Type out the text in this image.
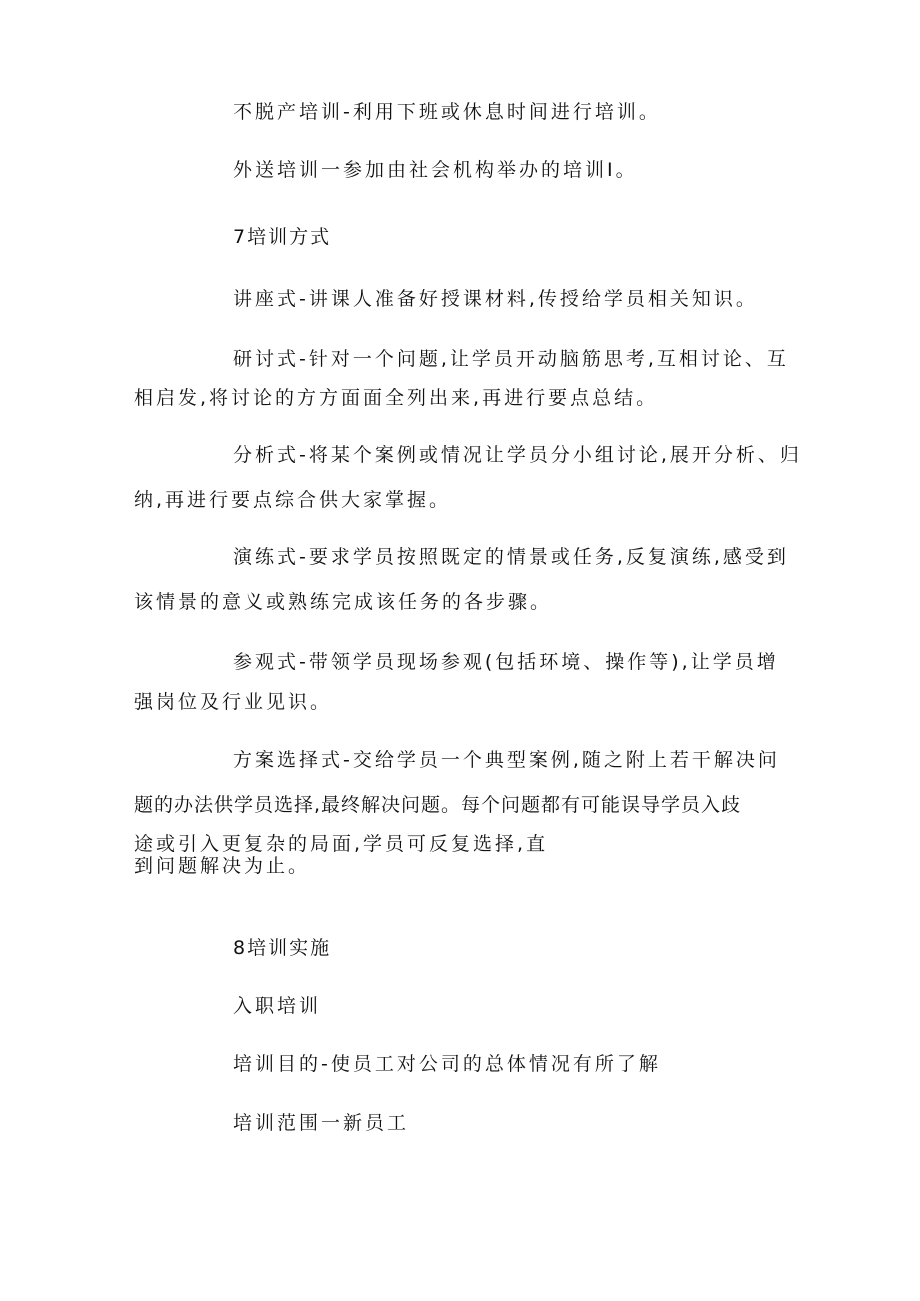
不脱产培训-利用下班或休息时间进行培训。
外送培训一参加由社会机构举办的培训I。
7培训方式
讲座式-讲课人准备好授课材料,传授给学员相关知识。
研讨式-针对一个问题,让学员开动脑筋思考,互相讨论、互
相启发,将讨论的方方面面全列出来,再进行要点总结。
分析式-将某个案例或情况让学员分小组讨论,展开分析、归
纳,再进行要点综合供大家掌握。
演练式-要求学员按照既定的情景或任务,反复演练,感受到
该情景的意义或熟练完成该任务的各步骤。
参观式-带领学员现场参观(包括环境、操作等),让学员增
强岗位及行业见识。
方案选择式-交给学员一个典型案例,随之附上若干解决问
题的办法供学员选择,最终解决问题。每个问题都有可能误导学员入歧
途或引入更复杂的局面,学员可反复选择,直
到问题解决为止。
8培训实施
入职培训
培训目的-使员工对公司的总体情况有所了解
培训范围一新员工
